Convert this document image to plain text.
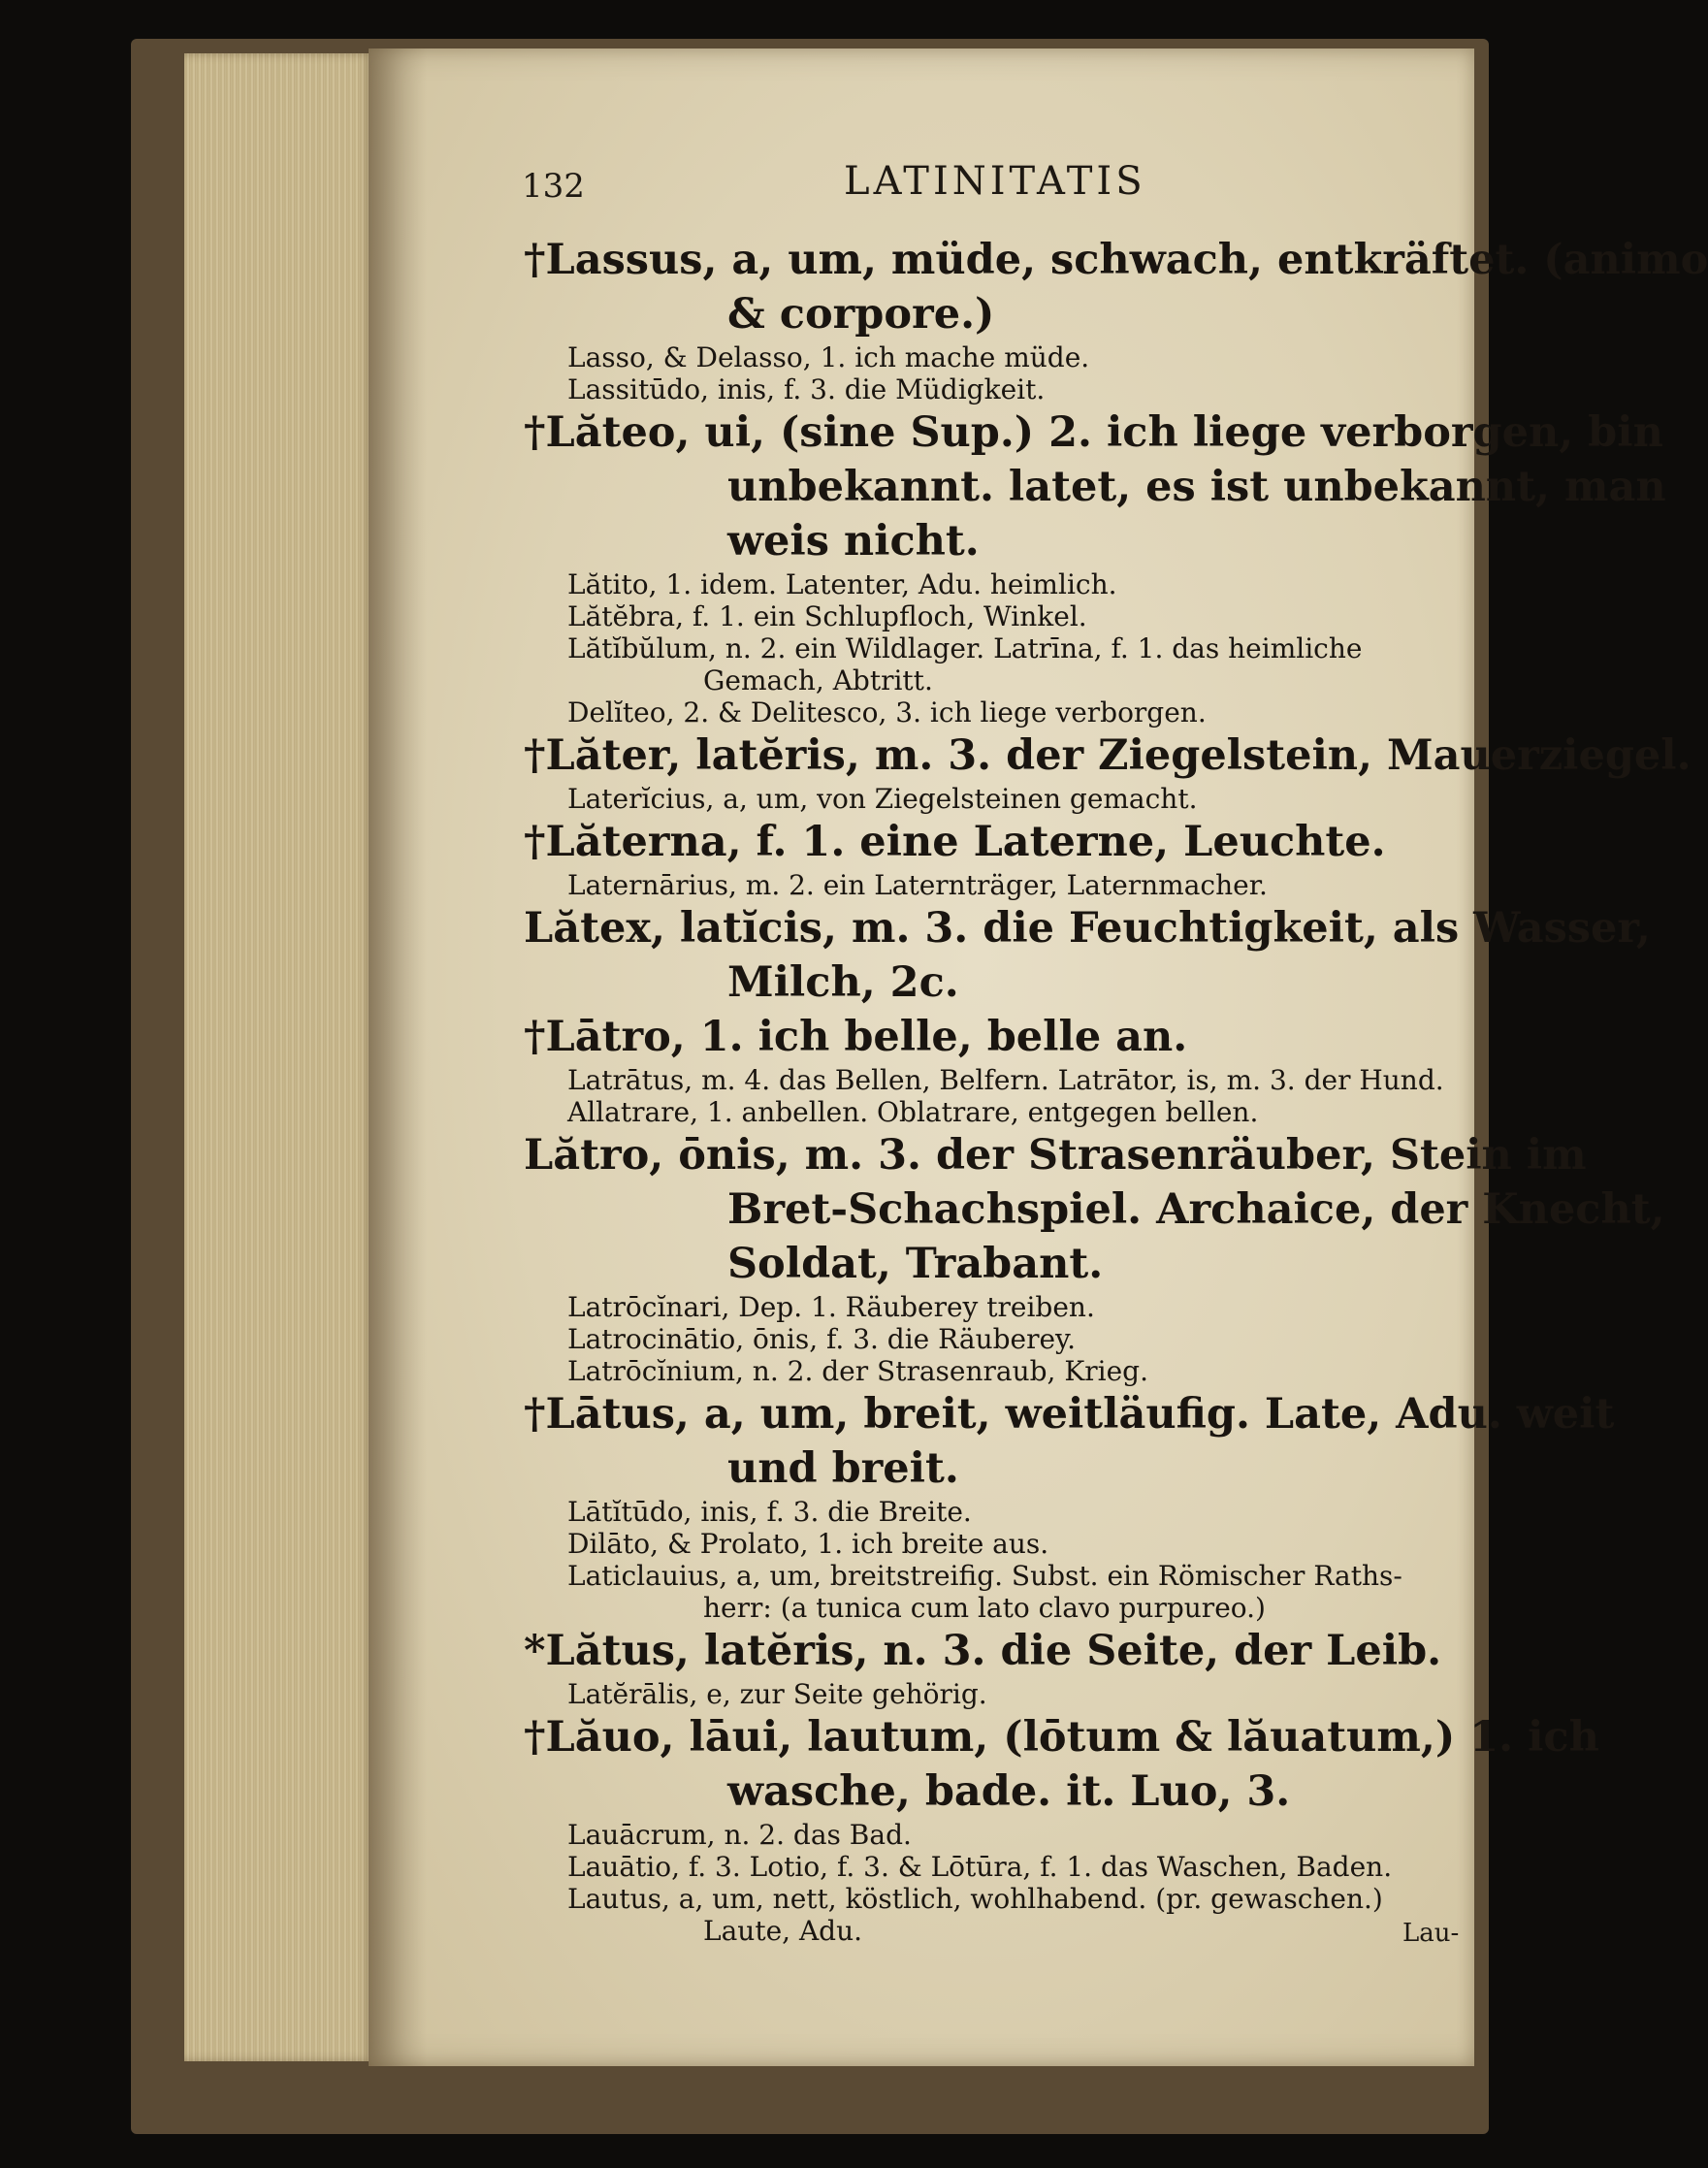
132	LATINITATIS
†Lassus, a, um, müde, schwach, entkräftet. (animo
& corpore.)
Lasso, & Delasso, 1. ich mache müde.
Lassitūdo, inis, f. 3. die Müdigkeit.
†Lăteo, ui, (sine Sup.) 2. ich liege verborgen, bin
unbekannt. latet, es ist unbekannt, man
weis nicht.
Lătito, 1. idem. Latenter, Adu. heimlich.
Lătĕbra, f. 1. ein Schlupfloch, Winkel.
Lătĭbŭlum, n. 2. ein Wildlager. Latrīna, f. 1. das heimliche
Gemach, Abtritt.
Delĭteo, 2. & Delitesco, 3. ich liege verborgen.
†Lăter, latĕris, m. 3. der Ziegelstein, Mauerziegel.
Laterĭcius, a, um, von Ziegelsteinen gemacht.
†Lăterna, f. 1. eine Laterne, Leuchte.
Laternārius, m. 2. ein Laternträger, Laternmacher.
Lătex, latĭcis, m. 3. die Feuchtigkeit, als Wasser,
Milch, 2c.
†Lātro, 1. ich belle, belle an.
Latrātus, m. 4. das Bellen, Belfern. Latrātor, is, m. 3. der Hund.
Allatrare, 1. anbellen. Oblatrare, entgegen bellen.
Lătro, ōnis, m. 3. der Strasenräuber, Stein im
Bret-Schachspiel. Archaice, der Knecht,
Soldat, Trabant.
Latrōcĭnari, Dep. 1. Räuberey treiben.
Latrocinātio, ōnis, f. 3. die Räuberey.
Latrōcĭnium, n. 2. der Strasenraub, Krieg.
†Lātus, a, um, breit, weitläufig. Late, Adu. weit
und breit.
Lātĭtūdo, inis, f. 3. die Breite.
Dilāto, & Prolato, 1. ich breite aus.
Laticlauius, a, um, breitstreifig. Subst. ein Römischer Raths-
herr: (a tunica cum lato clavo purpureo.)
*Lătus, latĕris, n. 3. die Seite, der Leib.
Latĕrālis, e, zur Seite gehörig.
†Lăuo, lāui, lautum, (lōtum & lăuatum,) 1. ich
wasche, bade. it. Luo, 3.
Lauācrum, n. 2. das Bad.
Lauātio, f. 3. Lotio, f. 3. & Lōtūra, f. 1. das Waschen, Baden.
Lautus, a, um, nett, köstlich, wohlhabend. (pr. gewaschen.)
Laute, Adu.	Lau-
